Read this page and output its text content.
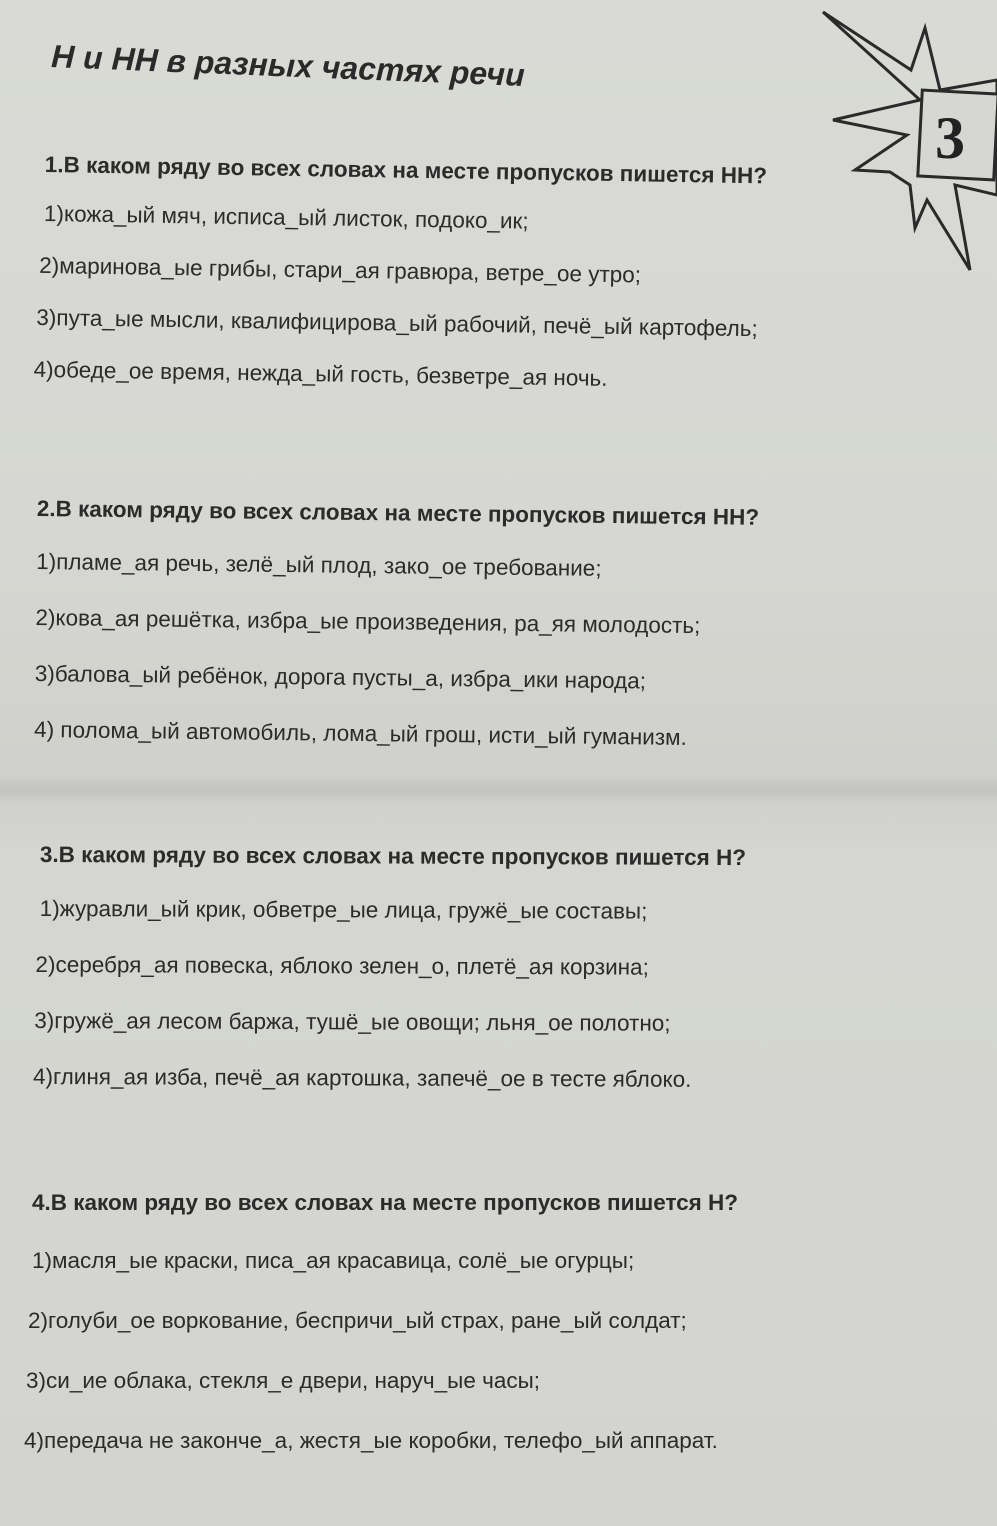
Н и НН в разных частях речи
3
1.В каком ряду во всех словах на месте пропусков пишется НН?
1)кожа_ый мяч, исписа_ый листок, подоко_ик;
2)маринова_ые грибы, стари_ая гравюра, ветре_ое утро;
3)пута_ые мысли, квалифицирова_ый рабочий, печё_ый картофель;
4)обеде_ое время, нежда_ый гость, безветре_ая ночь.
2.В каком ряду во всех словах на месте пропусков пишется НН?
1)пламе_ая речь, зелё_ый плод, зако_ое требование;
2)кова_ая решётка, избра_ые произведения, ра_яя молодость;
3)балова_ый ребёнок, дорога пусты_а, избра_ики народа;
4) полома_ый автомобиль, лома_ый грош, исти_ый гуманизм.
3.В каком ряду во всех словах на месте пропусков пишется Н?
1)журавли_ый крик, обветре_ые лица, гружё_ые составы;
2)серебря_ая повеска, яблоко зелен_о, плетё_ая корзина;
3)гружё_ая лесом баржа, тушё_ые овощи; льня_ое полотно;
4)глиня_ая изба, печё_ая картошка, запечё_ое в тесте яблоко.
4.В каком ряду во всех словах на месте пропусков пишется Н?
1)масля_ые краски, писа_ая красавица, солё_ые огурцы;
2)голуби_ое воркование, беспричи_ый страх, ране_ый солдат;
3)си_ие облака, стекля_е двери, наруч_ые часы;
4)передача не законче_а, жестя_ые коробки, телефо_ый аппарат.
